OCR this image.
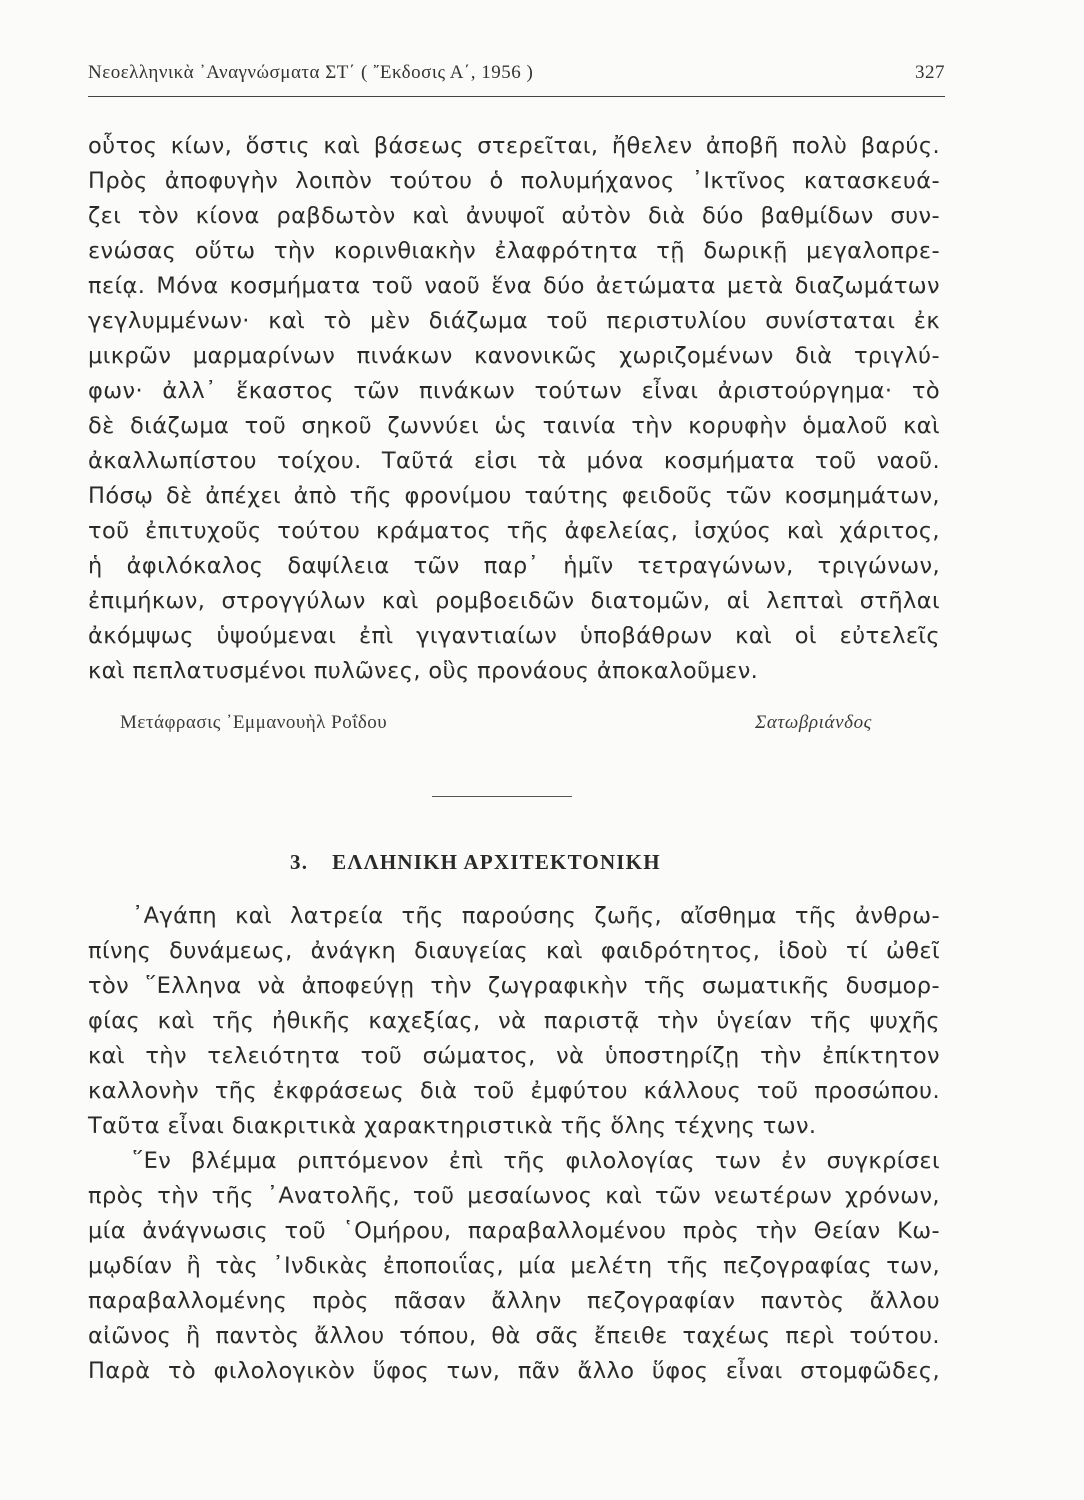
Νεοελληνικὰ ᾿Αναγνώσματα ΣΤ΄ ( ῎Εκδοσις Α΄, 1956 )	327
οὗτος κίων, ὅστις καὶ βάσεως στερεῖται, ἤθελεν ἀποβῆ πολὺ βαρύς.
Πρὸς ἀποφυγὴν λοιπὸν τούτου ὁ πολυμήχανος ᾿Ικτῖνος κατασκευά-
ζει τὸν κίονα ραβδωτὸν καὶ ἀνυψοῖ αὐτὸν διὰ δύο βαθμίδων συν-
ενώσας οὕτω τὴν κορινθιακὴν ἐλαφρότητα τῇ δωρικῇ μεγαλοπρε-
πείᾳ. Μόνα κοσμήματα τοῦ ναοῦ ἕνα δύο ἀετώματα μετὰ διαζωμάτων
γεγλυμμένων· καὶ τὸ μὲν διάζωμα τοῦ περιστυλίου συνίσταται ἐκ
μικρῶν μαρμαρίνων πινάκων κανονικῶς χωριζομένων διὰ τριγλύ-
φων· ἀλλ᾿ ἕκαστος τῶν πινάκων τούτων εἶναι ἀριστούργημα· τὸ
δὲ διάζωμα τοῦ σηκοῦ ζωννύει ὡς ταινία τὴν κορυφὴν ὁμαλοῦ καὶ
ἀκαλλωπίστου τοίχου. Ταῦτά εἰσι τὰ μόνα κοσμήματα τοῦ ναοῦ.
Πόσῳ δὲ ἀπέχει ἀπὸ τῆς φρονίμου ταύτης φειδοῦς τῶν κοσμημάτων,
τοῦ ἐπιτυχοῦς τούτου κράματος τῆς ἀφελείας, ἰσχύος καὶ χάριτος,
ἡ ἀφιλόκαλος δαψίλεια τῶν παρ᾿ ἡμῖν τετραγώνων, τριγώνων,
ἐπιμήκων, στρογγύλων καὶ ρομβοειδῶν διατομῶν, αἱ λεπταὶ στῆλαι
ἀκόμψως ὑψούμεναι ἐπὶ γιγαντιαίων ὑποβάθρων καὶ οἱ εὐτελεῖς
καὶ πεπλατυσμένοι πυλῶνες, οὓς προνάους ἀποκαλοῦμεν.
Μετάφρασις ᾿Εμμανουὴλ Ροΐδου	Σατωβριάνδος
3. ΕΛΛΗΝΙΚΗ ΑΡΧΙΤΕΚΤΟΝΙΚΗ
᾿Αγάπη καὶ λατρεία τῆς παρούσης ζωῆς, αἴσθημα τῆς ἀνθρω-
πίνης δυνάμεως, ἀνάγκη διαυγείας καὶ φαιδρότητος, ἰδοὺ τί ὠθεῖ
τὸν ῞Ελληνα νὰ ἀποφεύγῃ τὴν ζωγραφικὴν τῆς σωματικῆς δυσμορ-
φίας καὶ τῆς ἠθικῆς καχεξίας, νὰ παριστᾷ τὴν ὑγείαν τῆς ψυχῆς
καὶ τὴν τελειότητα τοῦ σώματος, νὰ ὑποστηρίζῃ τὴν ἐπίκτητον
καλλονὴν τῆς ἐκφράσεως διὰ τοῦ ἐμφύτου κάλλους τοῦ προσώπου.
Ταῦτα εἶναι διακριτικὰ χαρακτηριστικὰ τῆς ὅλης τέχνης των.
῞Εν βλέμμα ριπτόμενον ἐπὶ τῆς φιλολογίας των ἐν συγκρίσει
πρὸς τὴν τῆς ᾿Ανατολῆς, τοῦ μεσαίωνος καὶ τῶν νεωτέρων χρόνων,
μία ἀνάγνωσις τοῦ ῾Ομήρου, παραβαλλομένου πρὸς τὴν Θείαν Κω-
μῳδίαν ἢ τὰς ᾿Ινδικὰς ἐποποιΐας, μία μελέτη τῆς πεζογραφίας των,
παραβαλλομένης πρὸς πᾶσαν ἄλλην πεζογραφίαν παντὸς ἄλλου
αἰῶνος ἢ παντὸς ἄλλου τόπου, θὰ σᾶς ἔπειθε ταχέως περὶ τούτου.
Παρὰ τὸ φιλολογικὸν ὕφος των, πᾶν ἄλλο ὕφος εἶναι στομφῶδες,
